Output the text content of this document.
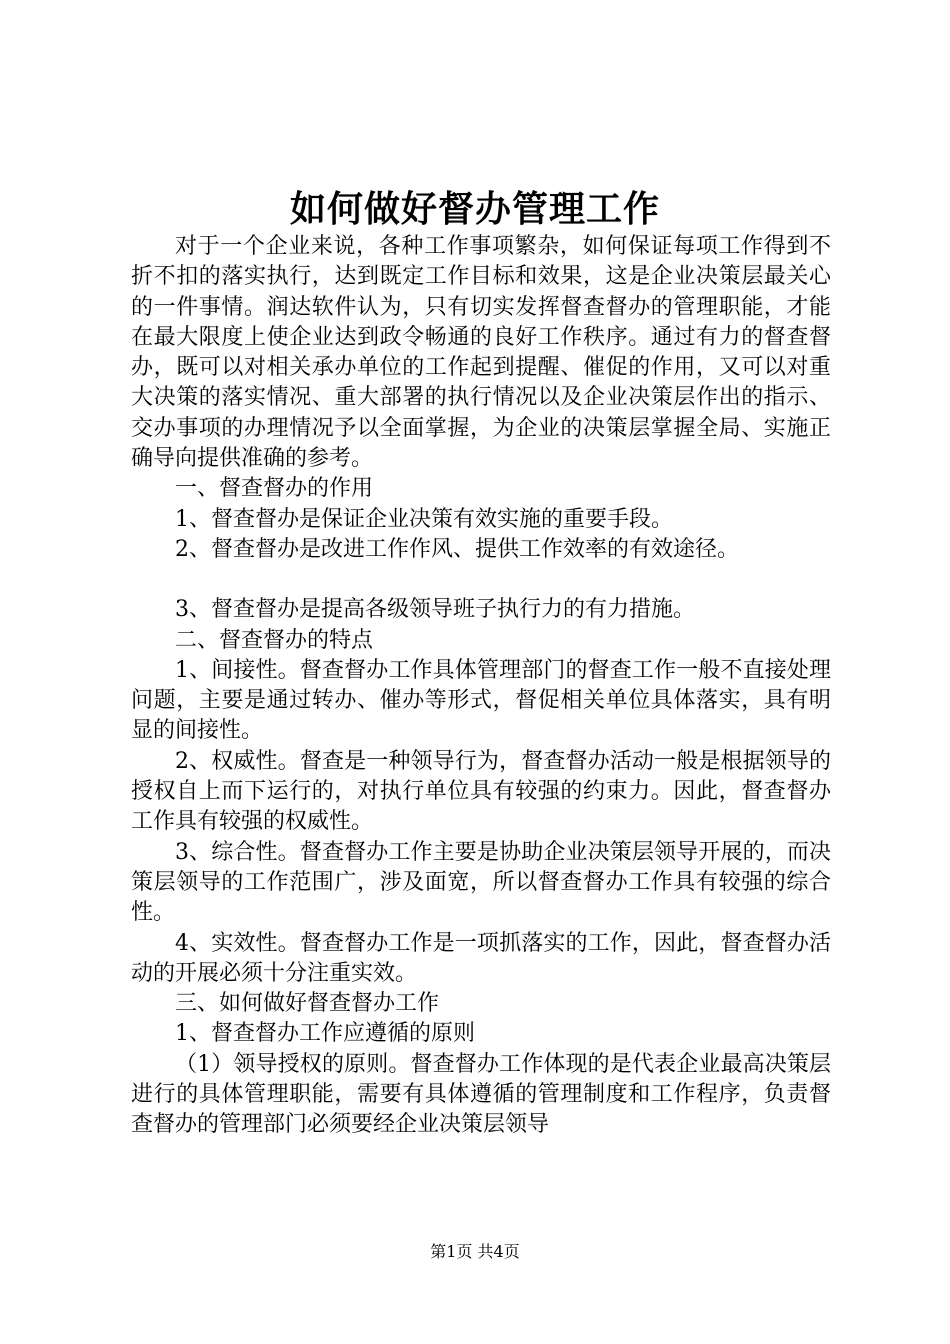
如何做好督办管理工作

对于一个企业来说，各种工作事项繁杂，如何保证每项工作得到不折不扣的落实执行，达到既定工作目标和效果，这是企业决策层最关心的一件事情。润达软件认为，只有切实发挥督查督办的管理职能，才能在最大限度上使企业达到政令畅通的良好工作秩序。通过有力的督查督办，既可以对相关承办单位的工作起到提醒、催促的作用，又可以对重大决策的落实情况、重大部署的执行情况以及企业决策层作出的指示、交办事项的办理情况予以全面掌握，为企业的决策层掌握全局、实施正确导向提供准确的参考。

一、督查督办的作用

1、督查督办是保证企业决策有效实施的重要手段。

2、督查督办是改进工作作风、提供工作效率的有效途径。

3、督查督办是提高各级领导班子执行力的有力措施。

二、督查督办的特点

1、间接性。督查督办工作具体管理部门的督查工作一般不直接处理问题，主要是通过转办、催办等形式，督促相关单位具体落实，具有明显的间接性。

2、权威性。督查是一种领导行为，督查督办活动一般是根据领导的授权自上而下运行的，对执行单位具有较强的约束力。因此，督查督办工作具有较强的权威性。

3、综合性。督查督办工作主要是协助企业决策层领导开展的，而决策层领导的工作范围广，涉及面宽，所以督查督办工作具有较强的综合性。

4、实效性。督查督办工作是一项抓落实的工作，因此，督查督办活动的开展必须十分注重实效。

三、如何做好督查督办工作

1、督查督办工作应遵循的原则

（1）领导授权的原则。督查督办工作体现的是代表企业最高决策层进行的具体管理职能，需要有具体遵循的管理制度和工作程序，负责督查督办的管理部门必须要经企业决策层领导

第1页 共4页
